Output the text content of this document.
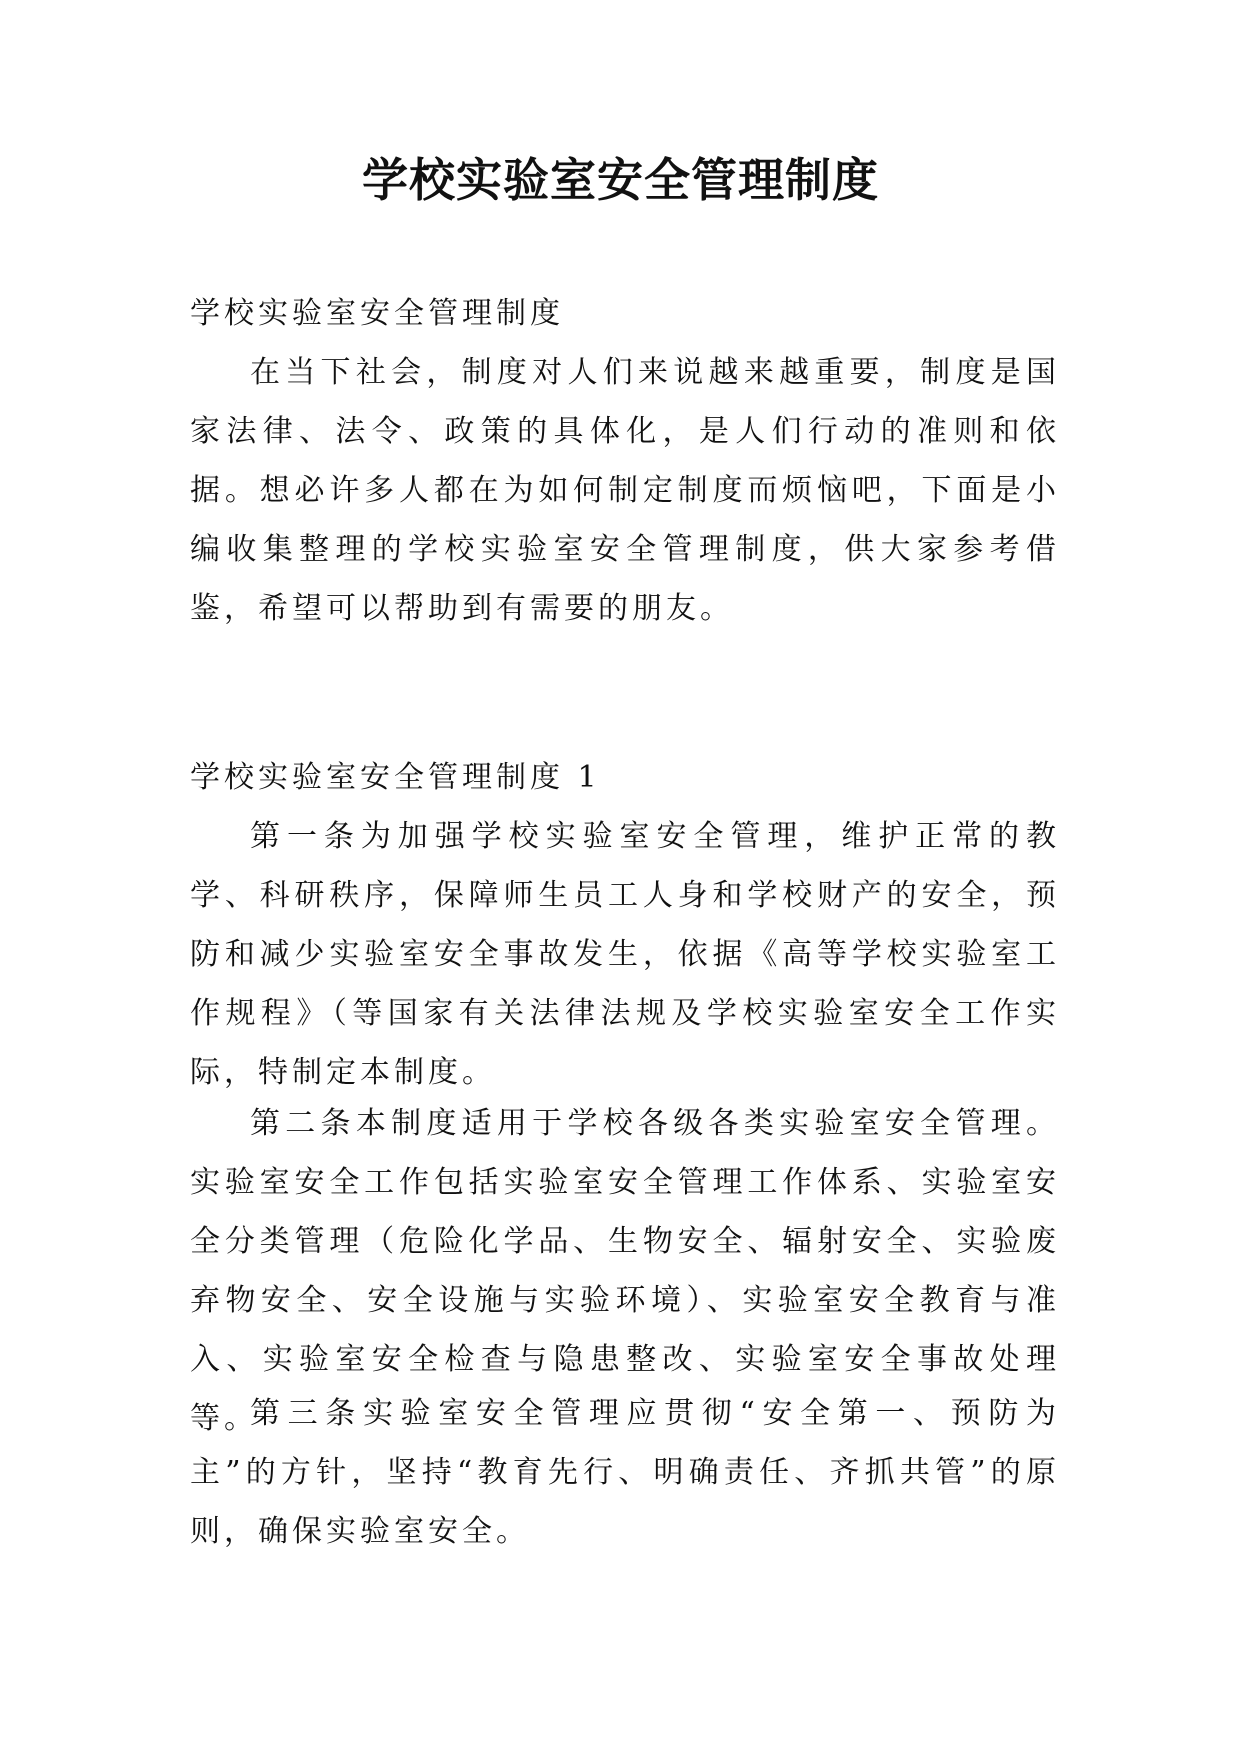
学校实验室安全管理制度

学校实验室安全管理制度

在当下社会，制度对人们来说越来越重要，制度是国家法律、法令、政策的具体化，是人们行动的准则和依据。想必许多人都在为如何制定制度而烦恼吧，下面是小编收集整理的学校实验室安全管理制度，供大家参考借鉴，希望可以帮助到有需要的朋友。

学校实验室安全管理制度 1

第一条为加强学校实验室安全管理，维护正常的教学、科研秩序，保障师生员工人身和学校财产的安全，预防和减少实验室安全事故发生，依据《高等学校实验室工作规程》（等国家有关法律法规及学校实验室安全工作实际，特制定本制度。

第二条本制度适用于学校各级各类实验室安全管理。实验室安全工作包括实验室安全管理工作体系、实验室安全分类管理（危险化学品、生物安全、辐射安全、实验废弃物安全、安全设施与实验环境）、实验室安全教育与准入、实验室安全检查与隐患整改、实验室安全事故处理等。

第三条实验室安全管理应贯彻“安全第一、预防为主”的方针，坚持“教育先行、明确责任、齐抓共管”的原则，确保实验室安全。
